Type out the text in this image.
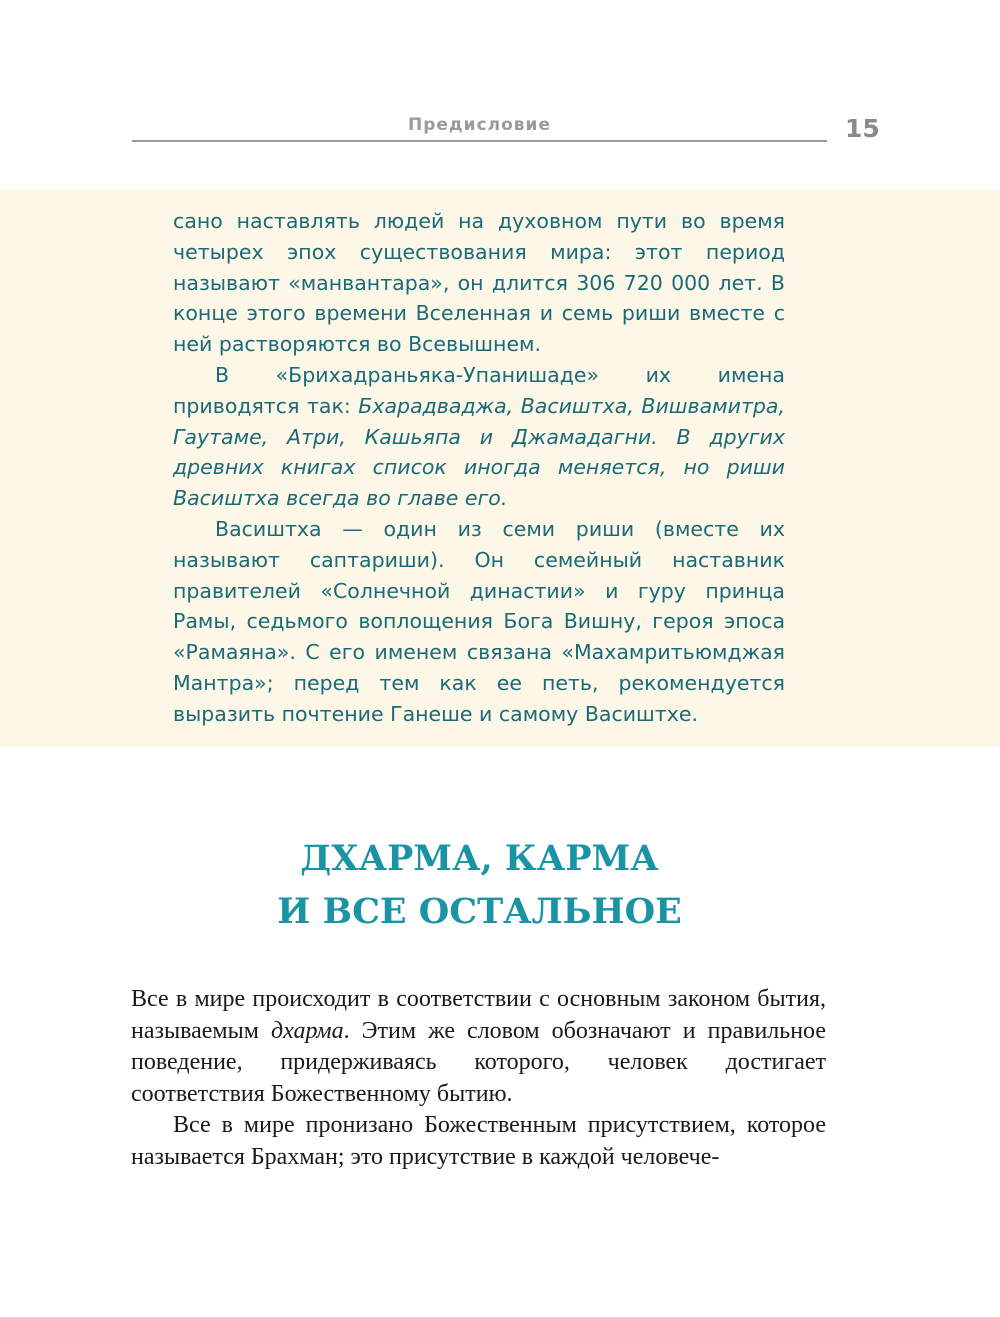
Предисловие	15

сано наставлять людей на духовном пути во время четырех эпох существования мира: этот период называют «манвантара», он длится 306 720 000 лет. В конце этого времени Вселенная и семь риши вместе с ней растворяются во Всевышнем.

В «Брихадраньяка-Упанишаде» их имена приводятся так: Бхарадваджа, Васиштха, Вишвамитра, Гаутаме, Атри, Кашьяпа и Джамадагни. В других древних книгах список иногда меняется, но риши Васиштха всегда во главе его.

Васиштха — один из семи риши (вместе их называют саптариши). Он семейный наставник правителей «Солнечной династии» и гуру принца Рамы, седьмого воплощения Бога Вишну, героя эпоса «Рамаяна». С его именем связана «Махамритьюмджая Мантра»; перед тем как ее петь, рекомендуется выразить почтение Ганеше и самому Васиштхе.

ДХАРМА, КАРМА
И ВСЕ ОСТАЛЬНОЕ

Все в мире происходит в соответствии с основным законом бытия, называемым дхарма. Этим же словом обозначают и правильное поведение, придерживаясь которого, человек достигает соответствия Божественному бытию.

Все в мире пронизано Божественным присутствием, которое называется Брахман; это присутствие в каждой человече-
